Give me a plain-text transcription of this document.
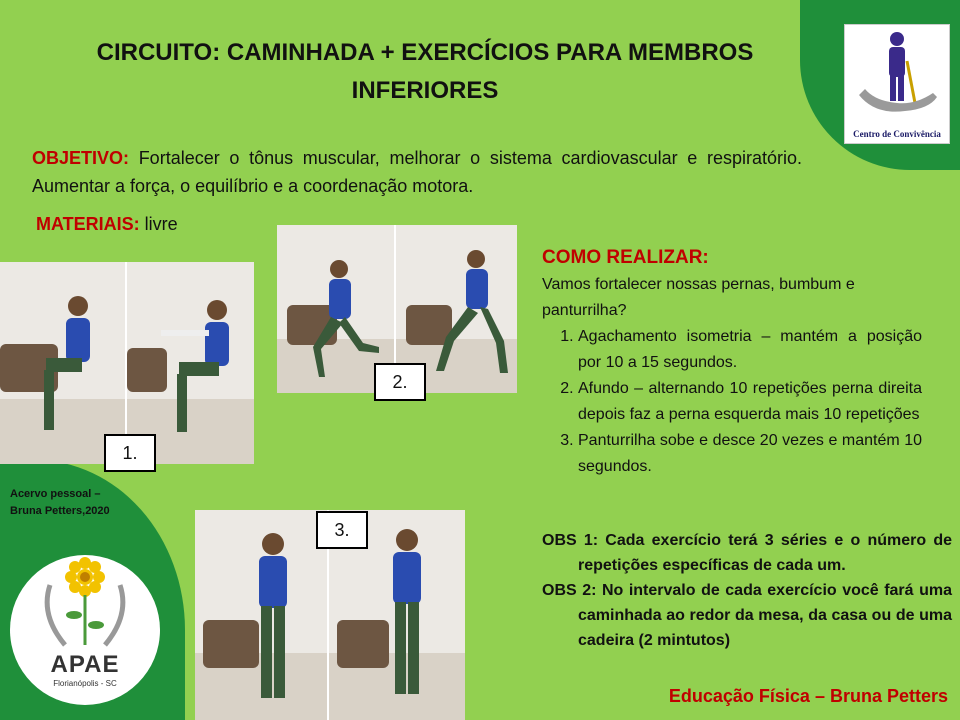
Centro de Convivência
CIRCUITO: CAMINHADA + EXERCÍCIOS PARA MEMBROS INFERIORES
OBJETIVO: Fortalecer o tônus muscular, melhorar o sistema cardiovascular e respiratório. Aumentar a força, o equilíbrio e a coordenação motora.
MATERIAIS: livre
1.
2.
3.
Acervo pessoal – Bruna Petters,2020
APAE
Florianópolis - SC
COMO REALIZAR:
Vamos fortalecer nossas pernas, bumbum e panturrilha?
1. Agachamento isometria – mantém a posição por 10 a 15 segundos.
2. Afundo – alternando 10 repetições perna direita depois faz a perna esquerda mais 10 repetições
3. Panturrilha sobe e desce 20 vezes e mantém 10 segundos.

OBS 1: Cada exercício terá 3 séries e o número de repetições específicas de cada um.

OBS 2: No intervalo de cada exercício você fará uma caminhada ao redor da mesa, da casa ou de uma cadeira (2 mintutos)

Educação Física – Bruna Petters
